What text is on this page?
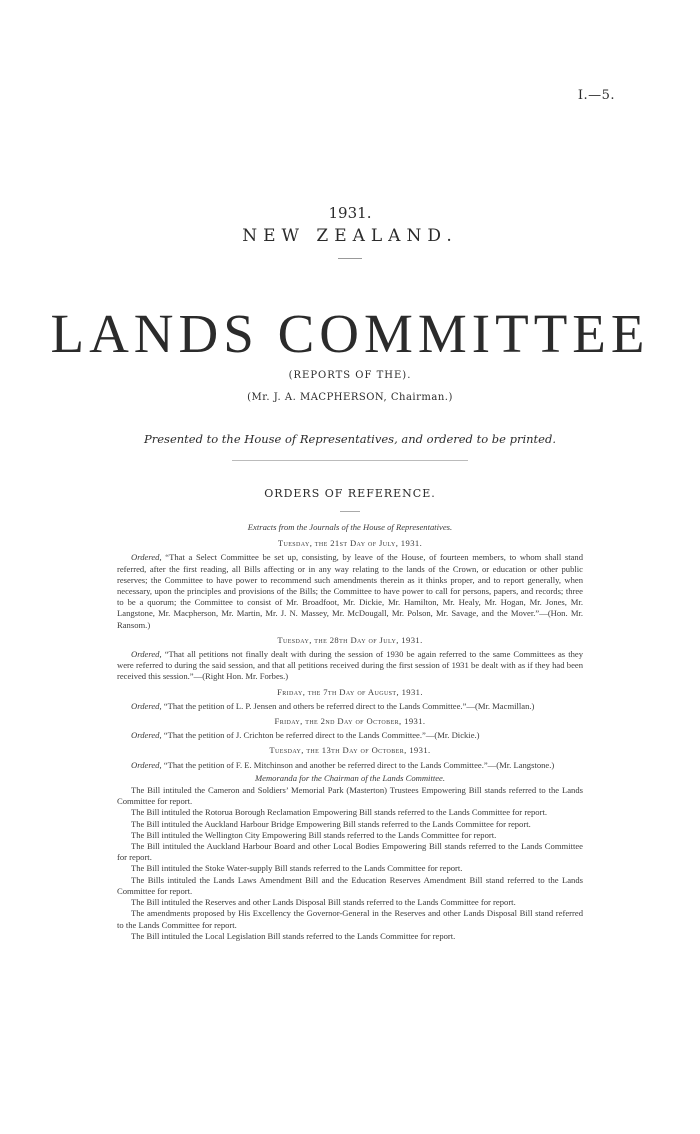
I.—5.
1931.
NEW ZEALAND.
LANDS COMMITTEE
(REPORTS OF THE).
(Mr. J. A. MACPHERSON, Chairman.)
Presented to the House of Representatives, and ordered to be printed.
ORDERS OF REFERENCE.
Extracts from the Journals of the House of Representatives.
Tuesday, the 21st Day of July, 1931.

Ordered, “That a Select Committee be set up, consisting, by leave of the House, of fourteen members, to whom shall stand referred, after the first reading, all Bills affecting or in any way relating to the lands of the Crown, or education or other public reserves; the Committee to have power to recommend such amendments therein as it thinks proper, and to report generally, when necessary, upon the principles and provisions of the Bills; the Committee to have power to call for persons, papers, and records; three to be a quorum; the Committee to consist of Mr. Broadfoot, Mr. Dickie, Mr. Hamilton, Mr. Healy, Mr. Hogan, Mr. Jones, Mr. Langstone, Mr. Macpherson, Mr. Martin, Mr. J. N. Massey, Mr. McDougall, Mr. Polson, Mr. Savage, and the Mover.”—(Hon. Mr. Ransom.)

Tuesday, the 28th Day of July, 1931.

Ordered, “That all petitions not finally dealt with during the session of 1930 be again referred to the same Committees as they were referred to during the said session, and that all petitions received during the first session of 1931 be dealt with as if they had been received this session.”—(Right Hon. Mr. Forbes.)

Friday, the 7th Day of August, 1931.

Ordered, “That the petition of L. P. Jensen and others be referred direct to the Lands Committee.”—(Mr. Macmillan.)

Friday, the 2nd Day of October, 1931.

Ordered, “That the petition of J. Crichton be referred direct to the Lands Committee.”—(Mr. Dickie.)

Tuesday, the 13th Day of October, 1931.

Ordered, “That the petition of F. E. Mitchinson and another be referred direct to the Lands Committee.”—(Mr. Langstone.)

Memoranda for the Chairman of the Lands Committee.

The Bill intituled the Cameron and Soldiers’ Memorial Park (Masterton) Trustees Empowering Bill stands referred to the Lands Committee for report.

The Bill intituled the Rotorua Borough Reclamation Empowering Bill stands referred to the Lands Committee for report.

The Bill intituled the Auckland Harbour Bridge Empowering Bill stands referred to the Lands Committee for report.

The Bill intituled the Wellington City Empowering Bill stands referred to the Lands Committee for report.

The Bill intituled the Auckland Harbour Board and other Local Bodies Empowering Bill stands referred to the Lands Committee for report.

The Bill intituled the Stoke Water-supply Bill stands referred to the Lands Committee for report.

The Bills intituled the Lands Laws Amendment Bill and the Education Reserves Amendment Bill stand referred to the Lands Committee for report.

The Bill intituled the Reserves and other Lands Disposal Bill stands referred to the Lands Committee for report.

The amendments proposed by His Excellency the Governor-General in the Reserves and other Lands Disposal Bill stand referred to the Lands Committee for report.

The Bill intituled the Local Legislation Bill stands referred to the Lands Committee for report.
